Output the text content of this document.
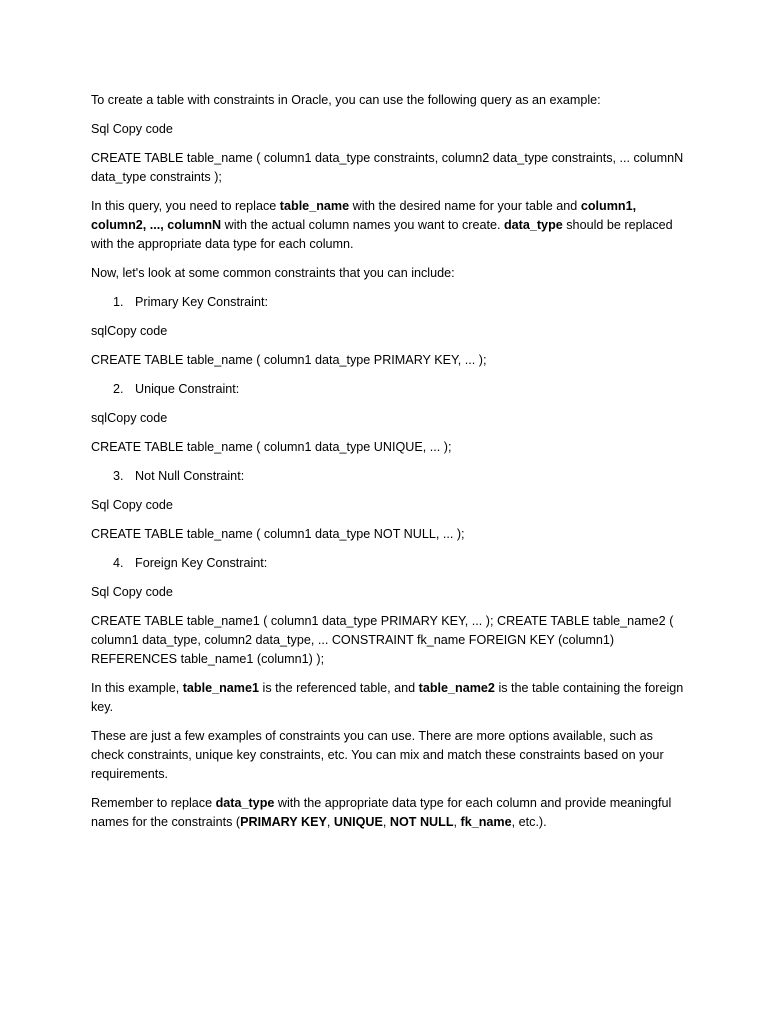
To create a table with constraints in Oracle, you can use the following query as an example:

Sql Copy code

CREATE TABLE table_name ( column1 data_type constraints, column2 data_type constraints, ... columnN data_type constraints );

In this query, you need to replace table_name with the desired name for your table and column1, column2, ..., columnN with the actual column names you want to create. data_type should be replaced with the appropriate data type for each column.

Now, let's look at some common constraints that you can include:

1. Primary Key Constraint:

sqlCopy code

CREATE TABLE table_name ( column1 data_type PRIMARY KEY, ... );

2. Unique Constraint:

sqlCopy code

CREATE TABLE table_name ( column1 data_type UNIQUE, ... );

3. Not Null Constraint:

Sql Copy code

CREATE TABLE table_name ( column1 data_type NOT NULL, ... );

4. Foreign Key Constraint:

Sql Copy code

CREATE TABLE table_name1 ( column1 data_type PRIMARY KEY, ... ); CREATE TABLE table_name2 ( column1 data_type, column2 data_type, ... CONSTRAINT fk_name FOREIGN KEY (column1) REFERENCES table_name1 (column1) );

In this example, table_name1 is the referenced table, and table_name2 is the table containing the foreign key.

These are just a few examples of constraints you can use. There are more options available, such as check constraints, unique key constraints, etc. You can mix and match these constraints based on your requirements.

Remember to replace data_type with the appropriate data type for each column and provide meaningful names for the constraints (PRIMARY KEY, UNIQUE, NOT NULL, fk_name, etc.).
